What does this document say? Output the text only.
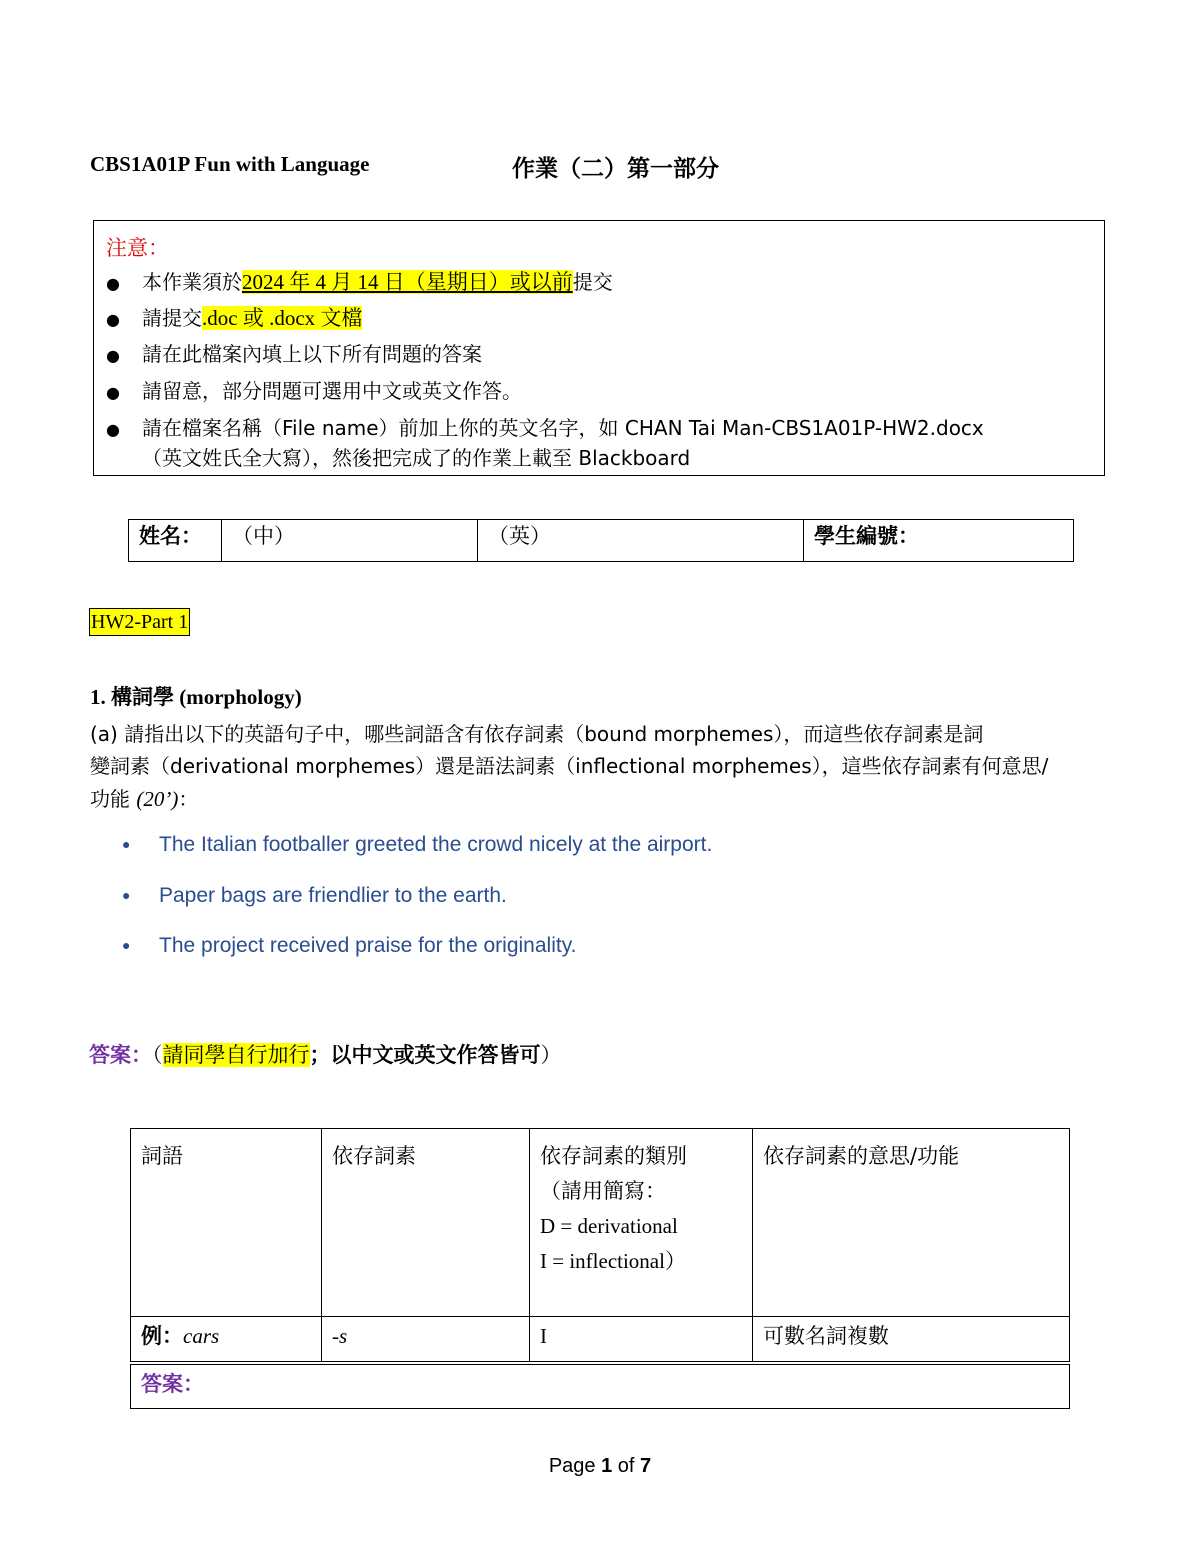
CBS1A01P Fun with Language	作業（二）第一部分
注意：
● 本作業須於2024 年 4 月 14 日（星期日）或以前提交
● 請提交.doc 或 .docx 文檔
● 請在此檔案內填上以下所有問題的答案
● 請留意，部分問題可選用中文或英文作答。
● 請在檔案名稱（File name）前加上你的英文名字，如 CHAN Tai Man-CBS1A01P-HW2.docx
（英文姓氏全大寫），然後把完成了的作業上載至 Blackboard
姓名：	（中）	（英）	學生編號：
HW2-Part 1
1. 構詞學 (morphology)
(a) 請指出以下的英語句子中，哪些詞語含有依存詞素（bound morphemes），而這些依存詞素是詞
變詞素（derivational morphemes）還是語法詞素（inflectional morphemes），這些依存詞素有何意思/
功能 (20’)：
● The Italian footballer greeted the crowd nicely at the airport.
● Paper bags are friendlier to the earth.
● The project received praise for the originality.
答案：（請同學自行加行；以中文或英文作答皆可）
詞語	依存詞素	依存詞素的類別
（請用簡寫：
D = derivational
I = inflectional）	依存詞素的意思/功能
例：cars	-s	I	可數名詞複數
答案：			
Page 1 of 7
